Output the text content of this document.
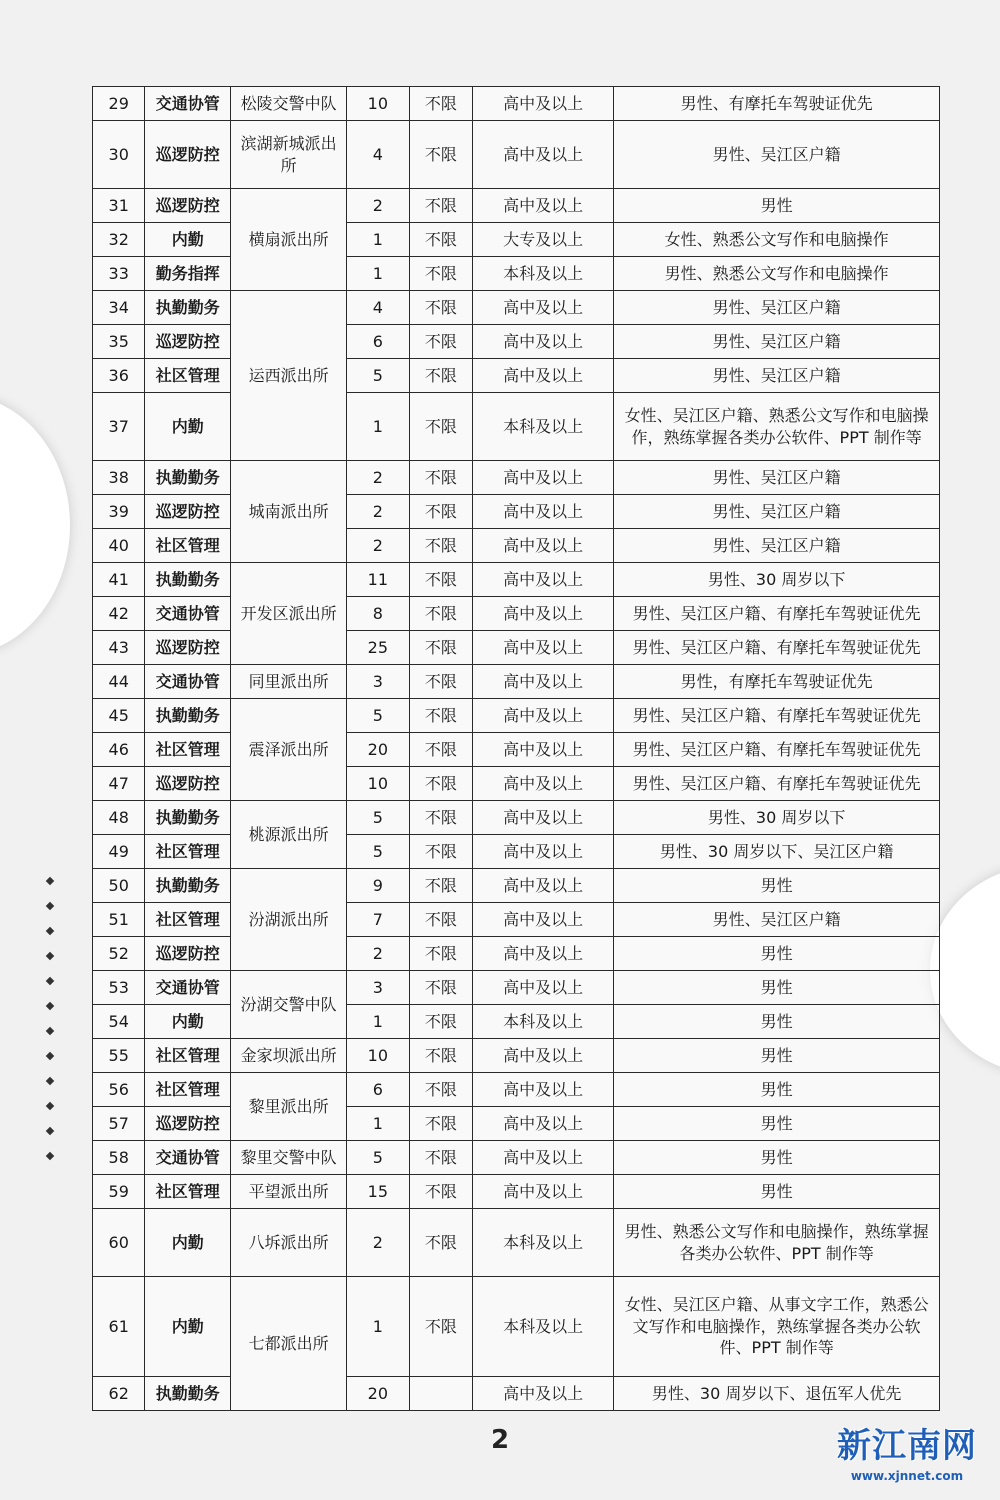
29	交通协管	松陵交警中队	10	不限	高中及以上	男性、有摩托车驾驶证优先
30	巡逻防控	滨湖新城派出所	4	不限	高中及以上	男性、吴江区户籍
31	巡逻防控	横扇派出所	2	不限	高中及以上	男性
32	内勤		1	不限	大专及以上	女性、熟悉公文写作和电脑操作
33	勤务指挥		1	不限	本科及以上	男性、熟悉公文写作和电脑操作
34	执勤勤务	运西派出所	4	不限	高中及以上	男性、吴江区户籍
35	巡逻防控		6	不限	高中及以上	男性、吴江区户籍
36	社区管理		5	不限	高中及以上	男性、吴江区户籍
37	内勤		1	不限	本科及以上	女性、吴江区户籍、熟悉公文写作和电脑操作，熟练掌握各类办公软件、PPT 制作等
38	执勤勤务	城南派出所	2	不限	高中及以上	男性、吴江区户籍
39	巡逻防控		2	不限	高中及以上	男性、吴江区户籍
40	社区管理		2	不限	高中及以上	男性、吴江区户籍
41	执勤勤务	开发区派出所	11	不限	高中及以上	男性、30 周岁以下
42	交通协管		8	不限	高中及以上	男性、吴江区户籍、有摩托车驾驶证优先
43	巡逻防控		25	不限	高中及以上	男性、吴江区户籍、有摩托车驾驶证优先
44	交通协管	同里派出所	3	不限	高中及以上	男性，有摩托车驾驶证优先
45	执勤勤务	震泽派出所	5	不限	高中及以上	男性、吴江区户籍、有摩托车驾驶证优先
46	社区管理		20	不限	高中及以上	男性、吴江区户籍、有摩托车驾驶证优先
47	巡逻防控		10	不限	高中及以上	男性、吴江区户籍、有摩托车驾驶证优先
48	执勤勤务	桃源派出所	5	不限	高中及以上	男性、30 周岁以下
49	社区管理		5	不限	高中及以上	男性、30 周岁以下、吴江区户籍
50	执勤勤务	汾湖派出所	9	不限	高中及以上	男性
51	社区管理		7	不限	高中及以上	男性、吴江区户籍
52	巡逻防控		2	不限	高中及以上	男性
53	交通协管	汾湖交警中队	3	不限	高中及以上	男性
54	内勤		1	不限	本科及以上	男性
55	社区管理	金家坝派出所	10	不限	高中及以上	男性
56	社区管理	黎里派出所	6	不限	高中及以上	男性
57	巡逻防控		1	不限	高中及以上	男性
58	交通协管	黎里交警中队	5	不限	高中及以上	男性
59	社区管理	平望派出所	15	不限	高中及以上	男性
60	内勤	八坼派出所	2	不限	本科及以上	男性、熟悉公文写作和电脑操作，熟练掌握各类办公软件、PPT 制作等
61	内勤	七都派出所	1	不限	本科及以上	女性、吴江区户籍、从事文字工作，熟悉公文写作和电脑操作，熟练掌握各类办公软件、PPT 制作等
62	执勤勤务		20		高中及以上	男性、30 周岁以下、退伍军人优先
2	新江南网
www.xjnnet.com
